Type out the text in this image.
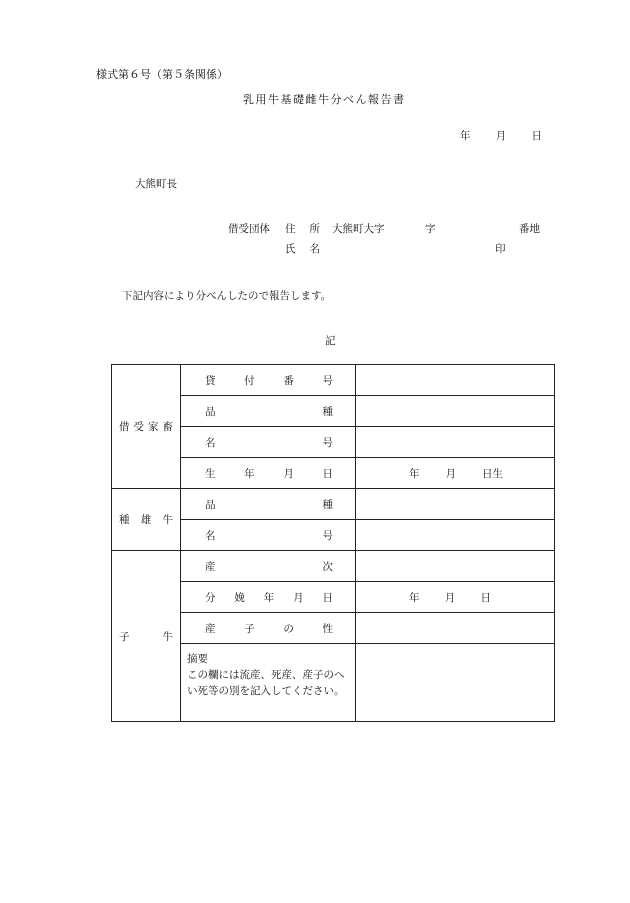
様式第６号（第５条関係）
乳用牛基礎雌牛分べん報告書
年 月 日
大熊町長
借受団体 住 所 大熊町大字	字	番地
氏 名	印
下記内容により分べんしたので報告します。
記
借 受 家 畜	貸 付 番 号	

	品 種	

	名 号	

	生 年 月 日	年 月 日生

種 雄 牛	品 種	

	名 号	

子 牛	産 次	

	分 娩 年 月 日	年 月 日

	産 子 の 性	

	摘要
この欄には流産、死産、産子のへい死等の別を記入してください。	
